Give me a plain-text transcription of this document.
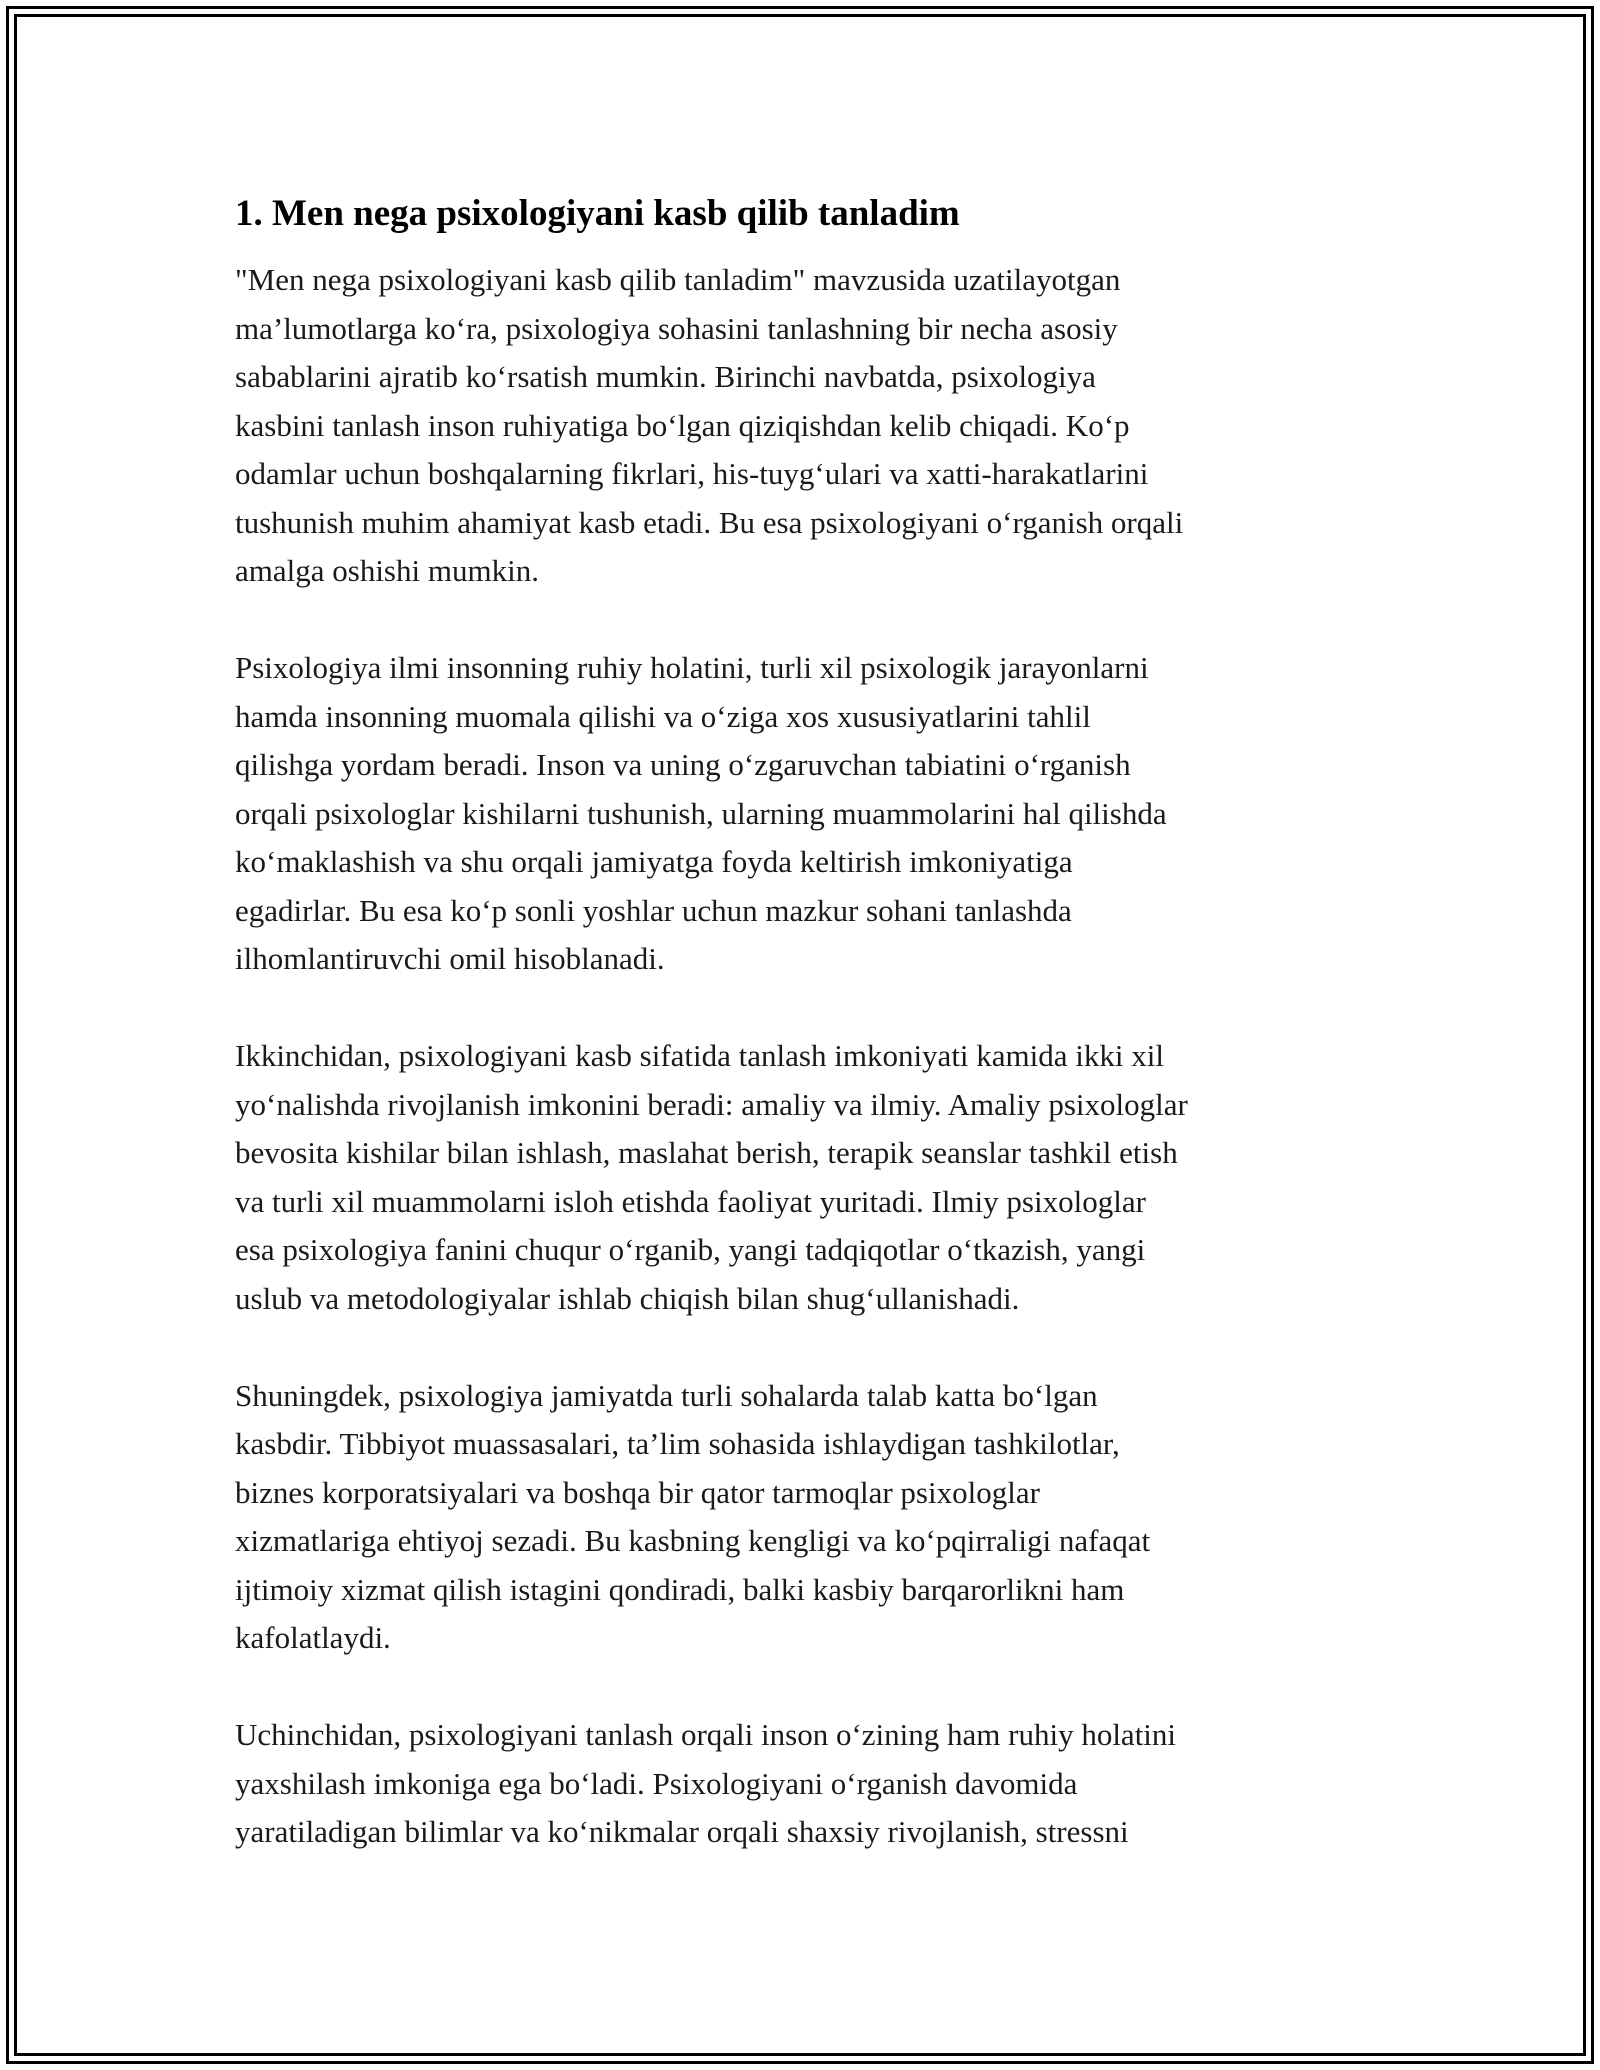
1. Men nega psixologiyani kasb qilib tanladim

"Men nega psixologiyani kasb qilib tanladim" mavzusida uzatilayotgan
ma’lumotlarga koʻra, psixologiya sohasini tanlashning bir necha asosiy
sabablarini ajratib koʻrsatish mumkin. Birinchi navbatda, psixologiya
kasbini tanlash inson ruhiyatiga boʻlgan qiziqishdan kelib chiqadi. Koʻp
odamlar uchun boshqalarning fikrlari, his-tuygʻulari va xatti-harakatlarini
tushunish muhim ahamiyat kasb etadi. Bu esa psixologiyani oʻrganish orqali
amalga oshishi mumkin.

Psixologiya ilmi insonning ruhiy holatini, turli xil psixologik jarayonlarni
hamda insonning muomala qilishi va oʻziga xos xususiyatlarini tahlil
qilishga yordam beradi. Inson va uning oʻzgaruvchan tabiatini oʻrganish
orqali psixologlar kishilarni tushunish, ularning muammolarini hal qilishda
koʻmaklashish va shu orqali jamiyatga foyda keltirish imkoniyatiga
egadirlar. Bu esa koʻp sonli yoshlar uchun mazkur sohani tanlashda
ilhomlantiruvchi omil hisoblanadi.

Ikkinchidan, psixologiyani kasb sifatida tanlash imkoniyati kamida ikki xil
yoʻnalishda rivojlanish imkonini beradi: amaliy va ilmiy. Amaliy psixologlar
bevosita kishilar bilan ishlash, maslahat berish, terapik seanslar tashkil etish
va turli xil muammolarni isloh etishda faoliyat yuritadi. Ilmiy psixologlar
esa psixologiya fanini chuqur oʻrganib, yangi tadqiqotlar oʻtkazish, yangi
uslub va metodologiyalar ishlab chiqish bilan shugʻullanishadi.

Shuningdek, psixologiya jamiyatda turli sohalarda talab katta boʻlgan
kasbdir. Tibbiyot muassasalari, ta’lim sohasida ishlaydigan tashkilotlar,
biznes korporatsiyalari va boshqa bir qator tarmoqlar psixologlar
xizmatlariga ehtiyoj sezadi. Bu kasbning kengligi va koʻpqirraligi nafaqat
ijtimoiy xizmat qilish istagini qondiradi, balki kasbiy barqarorlikni ham
kafolatlaydi.

Uchinchidan, psixologiyani tanlash orqali inson oʻzining ham ruhiy holatini
yaxshilash imkoniga ega boʻladi. Psixologiyani oʻrganish davomida
yaratiladigan bilimlar va koʻnikmalar orqali shaxsiy rivojlanish, stressni
